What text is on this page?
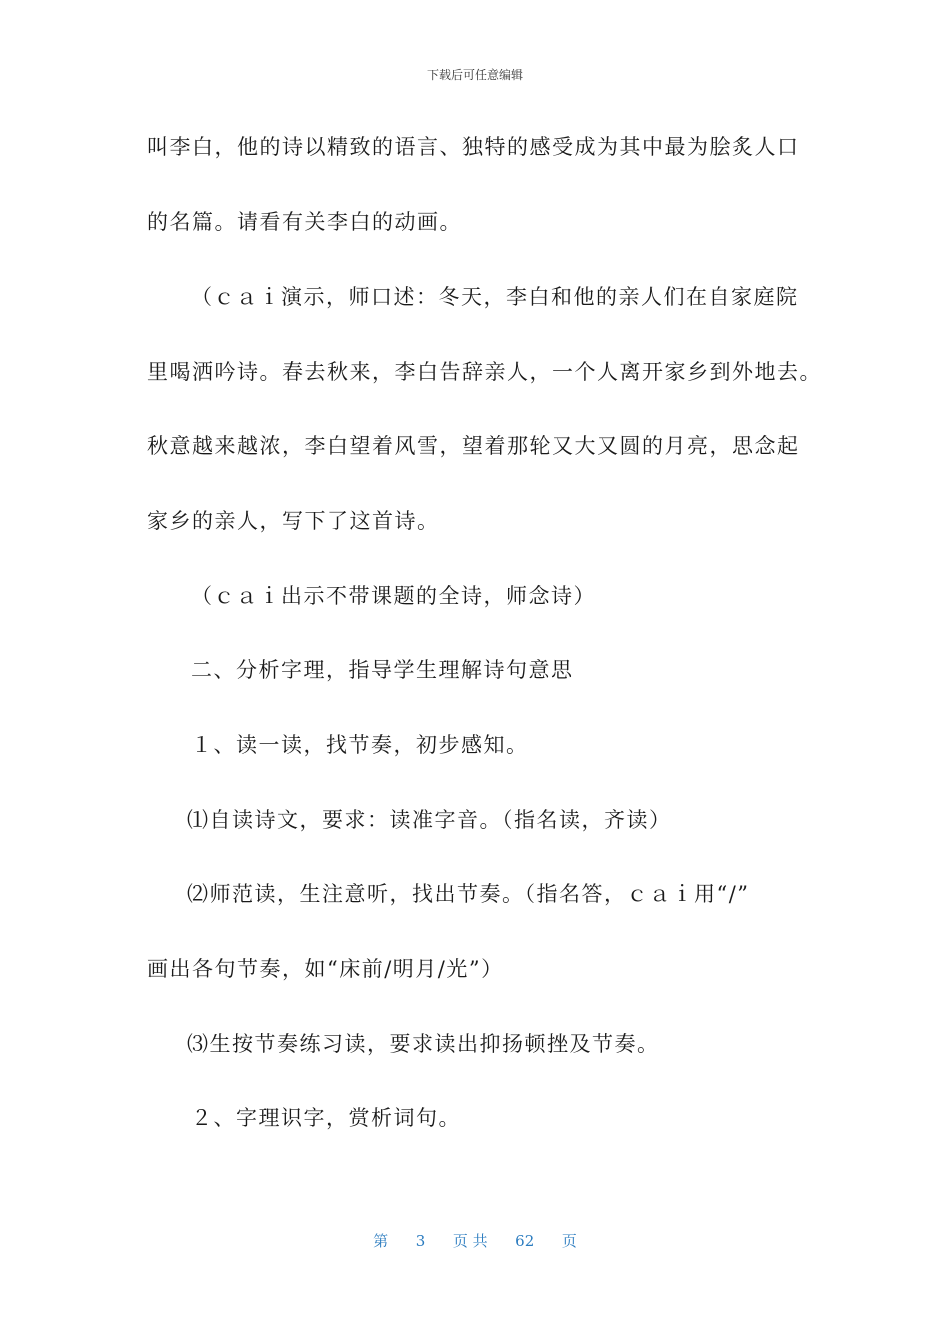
下载后可任意编辑
叫李白，他的诗以精致的语言、独特的感受成为其中最为脍炙人口
的名篇。请看有关李白的动画。
（ｃａｉ演示，师口述：冬天，李白和他的亲人们在自家庭院
里喝洒吟诗。春去秋来，李白告辞亲人，一个人离开家乡到外地去。
秋意越来越浓，李白望着风雪，望着那轮又大又圆的月亮，思念起
家乡的亲人，写下了这首诗。
（ｃａｉ出示不带课题的全诗，师念诗）
二、分析字理，指导学生理解诗句意思
１、读一读，找节奏，初步感知。
⑴自读诗文，要求：读准字音。（指名读，齐读）
⑵师范读，生注意听，找出节奏。（指名答，ｃａｉ用“/”
画出各句节奏，如“床前/明月/光”）
⑶生按节奏练习读，要求读出抑扬顿挫及节奏。
２、字理识字，赏析词句。
第 3 页 共 62 页
